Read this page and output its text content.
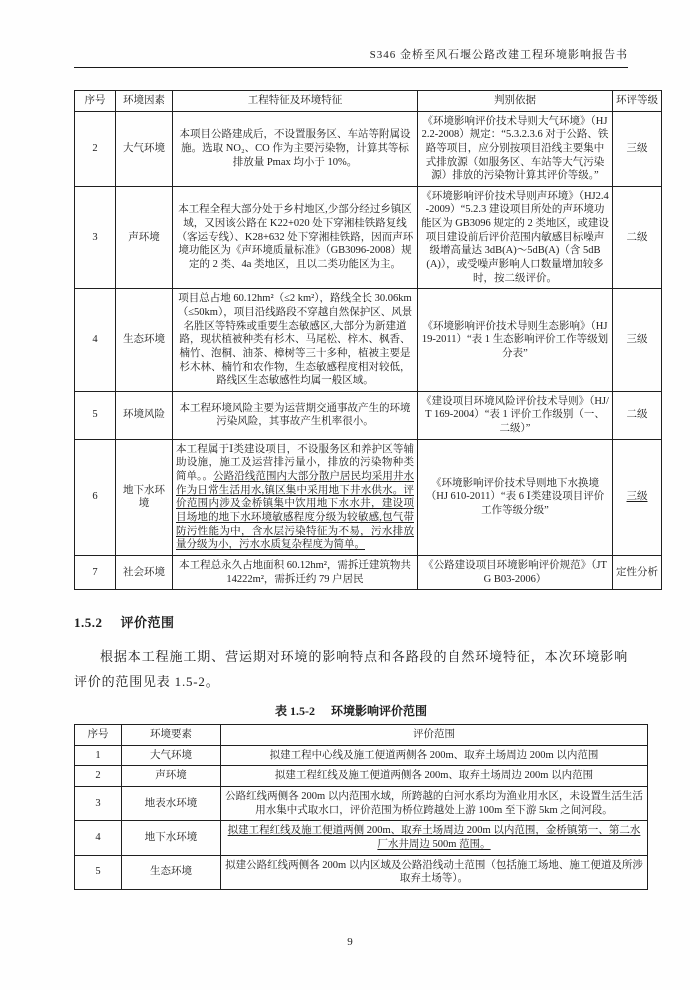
S346 金桥至风石堰公路改建工程环境影响报告书
序号	环境因素	工程特征及环境特征	判别依据	环评等级
2	大气环境	本项目公路建成后，不设置服务区、车站等附属设施。选取 NO₂、CO 作为主要污染物，计算其等标排放量 Pmax 均小于 10%。	《环境影响评价技术导则大气环境》（HJ2.2-2008）规定：“5.3.2.3.6 对于公路、铁路等项目，应分别按项目沿线主要集中式排放源（如服务区、车站等大气污染源）排放的污染物计算其评价等级。”	三级
3	声环境	本工程全程大部分处于乡村地区,少部分经过乡镇区域，又因该公路在 K22+020 处下穿湘桂铁路复线（客运专线）、K28+632 处下穿湘桂铁路，因而声环境功能区为《声环境质量标准》（GB3096-2008）规定的 2 类、4a 类地区，且以二类功能区为主。	《环境影响评价技术导则声环境》（HJ2.4-2009）“5.2.3 建设项目所处的声环境功能区为 GB3096 规定的 2 类地区，或建设项目建设前后评价范围内敏感目标噪声级增高量达 3dB(A)～5dB(A)（含 5dB(A)），或受噪声影响人口数量增加较多时，按二级评价。	二级
4	生态环境	项目总占地 60.12hm²（≤2 km²），路线全长 30.06km（≤50km），项目沿线路段不穿越自然保护区、风景名胜区等特殊或重要生态敏感区,大部分为新建道路，现状植被种类有杉木、马尾松、梓木、枫香、楠竹、泡桐、油茶、樟树等三十多种，植被主要是杉木林、楠竹和农作物，生态敏感程度相对较低，路线区生态敏感性均属一般区域。	《环境影响评价技术导则生态影响》（HJ 19-2011）“表 1 生态影响评价工作等级划分表”	三级
5	环境风险	本工程环境风险主要为运营期交通事故产生的环境污染风险，其事故产生机率很小。	《建设项目环境风险评价技术导则》（HJ/T 169-2004）“表 1 评价工作级别（一、二级）”	二级
6	地下水环境	本工程属于Ⅰ类建设项目，不设服务区和养护区等辅助设施，施工及运营排污量小，排放的污染物种类简单。。公路沿线范围内大部分散户居民均采用井水作为日常生活用水,镇区集中采用地下井水供水。评价范围内涉及金桥镇集中饮用地下水水井，建设项目场地的地下水环境敏感程度分级为较敏感,包气带防污性能为中，含水层污染特征为不易，污水排放量分级为小，污水水质复杂程度为简单。	《环境影响评价技术导则地下水换境 （HJ 610-2011）“表 6 Ⅰ类建设项目评价工作等级分级”	三级
7	社会环境	本工程总永久占地面积 60.12hm²，需拆迁建筑物共 14222m²，需拆迁约 79 户居民	《公路建设项目环境影响评价规范》（JTG B03-2006）	定性分析
1.5.2 评价范围

根据本工程施工期、营运期对环境的影响特点和各路段的自然环境特征，本次环境影响评价的范围见表 1.5-2。

表 1.5-2 环境影响评价范围
序号	环境要素	评价范围
1	大气环境	拟建工程中心线及施工便道两侧各 200m、取弃土场周边 200m 以内范围
2	声环境	拟建工程红线及施工便道两侧各 200m、取弃土场周边 200m 以内范围
3	地表水环境	公路红线两侧各 200m 以内范围水域，所跨越的白河水系均为渔业用水区，未设置生活生活用水集中式取水口，评价范围为桥位跨越处上游 100m 至下游 5km 之间河段。
4	地下水环境	拟建工程红线及施工便道两侧 200m、取弃土场周边 200m 以内范围，金桥镇第一、第二水厂水井周边 500m 范围。
5	生态环境	拟建公路红线两侧各 200m 以内区域及公路沿线动土范围（包括施工场地、施工便道及所涉取弃土场等）。
9
